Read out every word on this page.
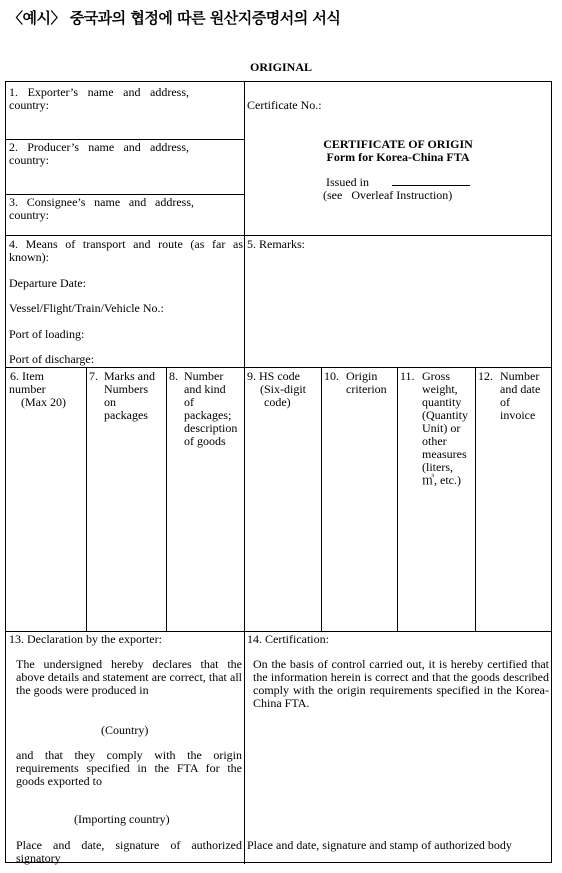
〈예시〉 중국과의 협정에 따른 원산지증명서의 서식
ORIGINAL
1. Exporter’s name and address, country:
2. Producer’s name and address, country:
3. Consignee’s name and address, country:
Certificate No.:
CERTIFICATE OF ORIGIN
Form for Korea-China FTA
Issued in
(see   Overleaf Instruction)
4. Means of transport and route (as far as known):
Departure Date:
Vessel/Flight/Train/Vehicle No.:
Port of loading:
Port of discharge:
5. Remarks:
6. Item
number
(Max 20)
7. Marks and
Numbers
on
packages
8. Number
and kind
of
packages;
description
of goods
9. HS code
(Six-digit
code)
10. Origin
criterion
11. Gross
weight,
quantity
(Quantity
Unit) or
other
measures
(liters,
㎥, etc.)
12. Number
and date
of
invoice
13. Declaration by the exporter:
The undersigned hereby declares that the above details and statement are correct, that all the goods were produced in
(Country)
and that they comply with the origin requirements specified in the FTA for the goods exported to
(Importing country)
Place and date, signature of authorized signatory
14. Certification:
On the basis of control carried out, it is hereby certified that the information herein is correct and that the goods described comply with the origin requirements specified in the Korea-China FTA.
Place and date, signature and stamp of authorized body
